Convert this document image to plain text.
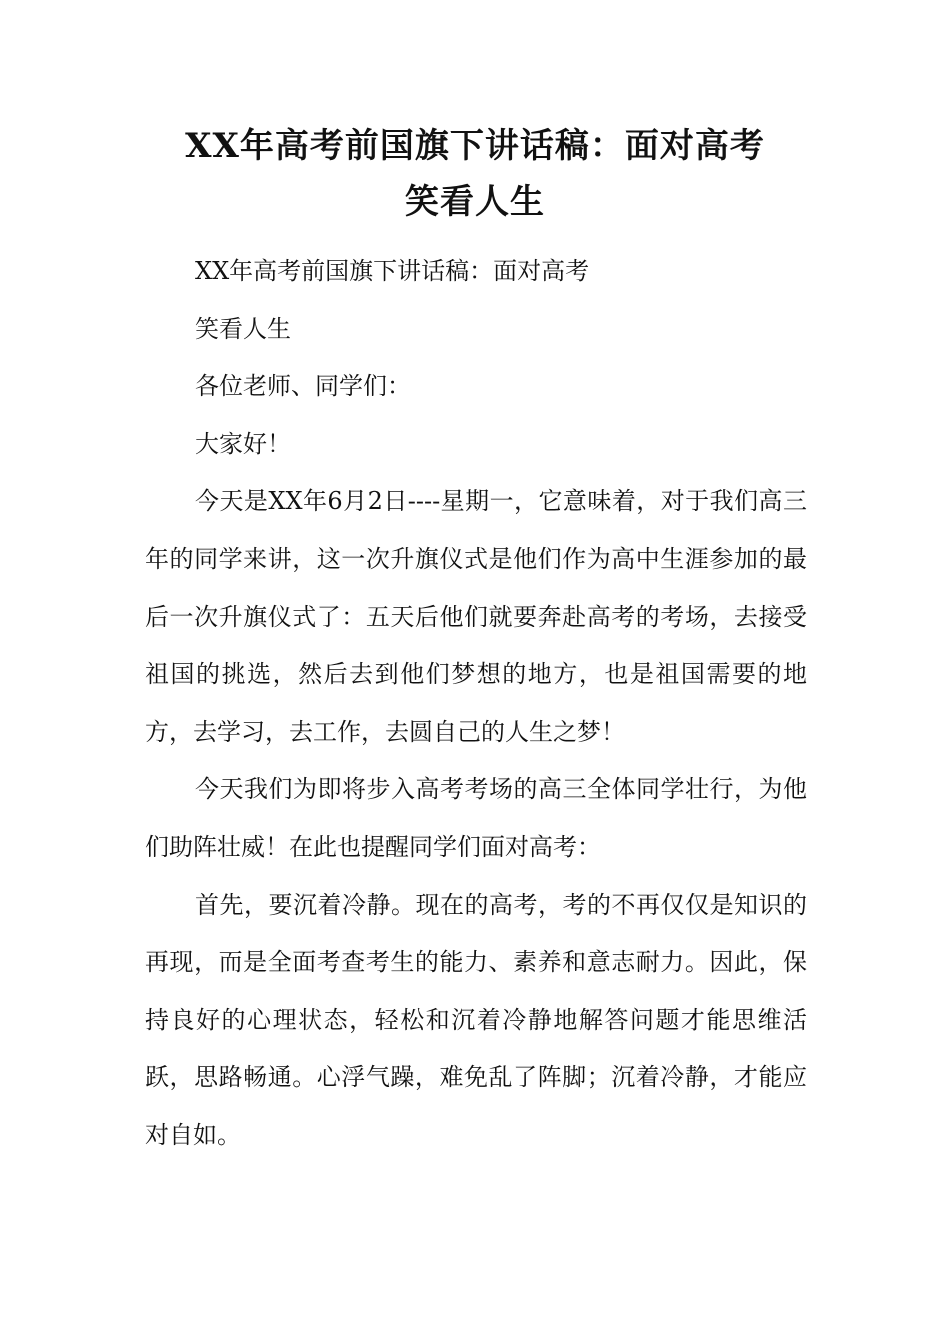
XX年高考前国旗下讲话稿：面对高考
笑看人生

XX年高考前国旗下讲话稿：面对高考

笑看人生

各位老师、同学们：

大家好！

今天是XX年6月2日----星期一，它意味着，对于我们高三年的同学来讲，这一次升旗仪式是他们作为高中生涯参加的最后一次升旗仪式了：五天后他们就要奔赴高考的考场，去接受祖国的挑选，然后去到他们梦想的地方，也是祖国需要的地方，去学习，去工作，去圆自己的人生之梦！

今天我们为即将步入高考考场的高三全体同学壮行，为他们助阵壮威！在此也提醒同学们面对高考：

首先，要沉着冷静。现在的高考，考的不再仅仅是知识的再现，而是全面考查考生的能力、素养和意志耐力。因此，保持良好的心理状态，轻松和沉着冷静地解答问题才能思维活跃，思路畅通。心浮气躁，难免乱了阵脚；沉着冷静，才能应对自如。
